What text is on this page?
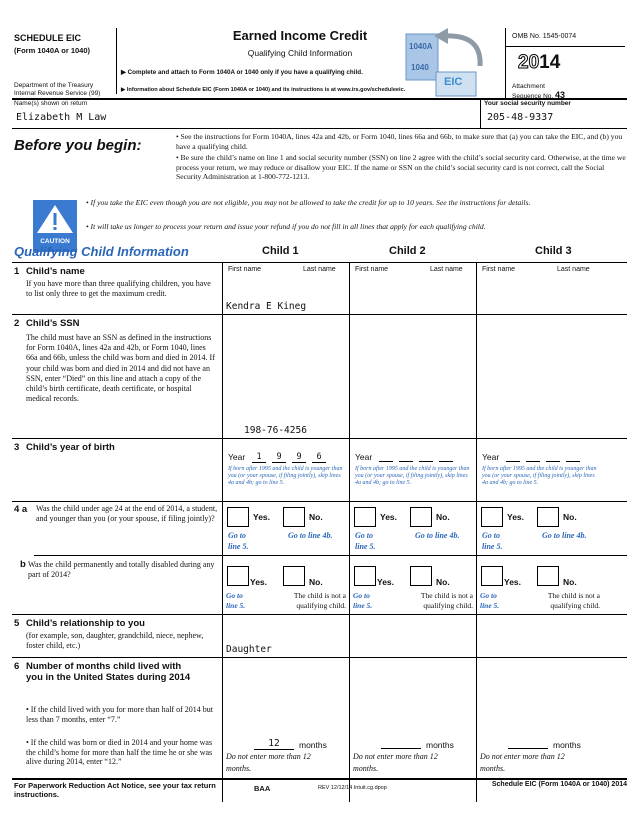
SCHEDULE EIC
(Form 1040A or 1040)
Department of the Treasury
Internal Revenue Service (99)
Earned Income Credit
Qualifying Child Information
▶ Complete and attach to Form 1040A or 1040 only if you have a qualifying child.
▶ Information about Schedule EIC (Form 1040A or 1040) and its instructions is at www.irs.gov/scheduleeic.
1040A
1040
EIC
OMB No. 1545-0074
2014
Attachment
Sequence No. 43
Name(s) shown on return
Elizabeth M Law
Your social security number
205-48-9337
Before you begin:
• See the instructions for Form 1040A, lines 42a and 42b, or Form 1040, lines 66a and 66b, to make sure that (a) you can take the EIC, and (b) you have a qualifying child.
• Be sure the child’s name on line 1 and social security number (SSN) on line 2 agree with the child’s social security card. Otherwise, at the time we process your return, we may reduce or disallow your EIC. If the name or SSN on the child’s social security card is not correct, call the Social Security Administration at 1-800-772-1213.
CAUTION
• If you take the EIC even though you are not eligible, you may not be allowed to take the credit for up to 10 years. See the instructions for details.
• It will take us longer to process your return and issue your refund if you do not fill in all lines that apply for each qualifying child.
Qualifying Child Information	Child 1	Child 2	Child 3
1 Child’s name
If you have more than three qualifying children, you have to list only three to get the maximum credit.
First name	Last name	First name	Last name	First name	Last name
Kendra E Kineg
2 Child’s SSN
The child must have an SSN as defined in the instructions for Form 1040A, lines 42a and 42b, or Form 1040, lines 66a and 66b, unless the child was born and died in 2014. If your child was born and died in 2014 and did not have an SSN, enter “Died” on this line and attach a copy of the child’s birth certificate, death certificate, or hospital medical records.
198-76-4256
3 Child’s year of birth
Year	1 9 9 6	Year	Year
If born after 1995 and the child is younger than you (or your spouse, if filing jointly), skip lines 4a and 4b; go to line 5.
If born after 1995 and the child is younger than you (or your spouse, if filing jointly), skip lines 4a and 4b; go to line 5.
If born after 1995 and the child is younger than you (or your spouse, if filing jointly), skip lines 4a and 4b; go to line 5.
4 a Was the child under age 24 at the end of 2014, a student, and younger than you (or your spouse, if filing jointly)?	Yes.	No.
Go to
line 5.
Go to line 4b.
Yes.	No.
Go to
line 5.
Go to line 4b.
Yes.	No.
Go to
line 5.
Go to line 4b.
b Was the child permanently and totally disabled during any part of 2014?
Yes.	No.
Go to
line 5.
The child is not a
qualifying child.
Yes.	No.
Go to
line 5.
The child is not a
qualifying child.
Yes.	No.
Go to
line 5.
The child is not a
qualifying child.
5 Child’s relationship to you
(for example, son, daughter, grandchild, niece, nephew, foster child, etc.)	Daughter
6 Number of months child lived with you in the United States during 2014
• If the child lived with you for more than half of 2014 but less than 7 months, enter “7.”
• If the child was born or died in 2014 and your home was the child’s home for more than half the time he or she was alive during 2014, enter “12.”
12	months
Do not enter more than 12
months.
months
Do not enter more than 12
months.
months
Do not enter more than 12
months.
For Paperwork Reduction Act Notice, see your tax return instructions.
BAA	REV 12/12/14 Intuit.cg.dpop	Schedule EIC (Form 1040A or 1040) 2014
